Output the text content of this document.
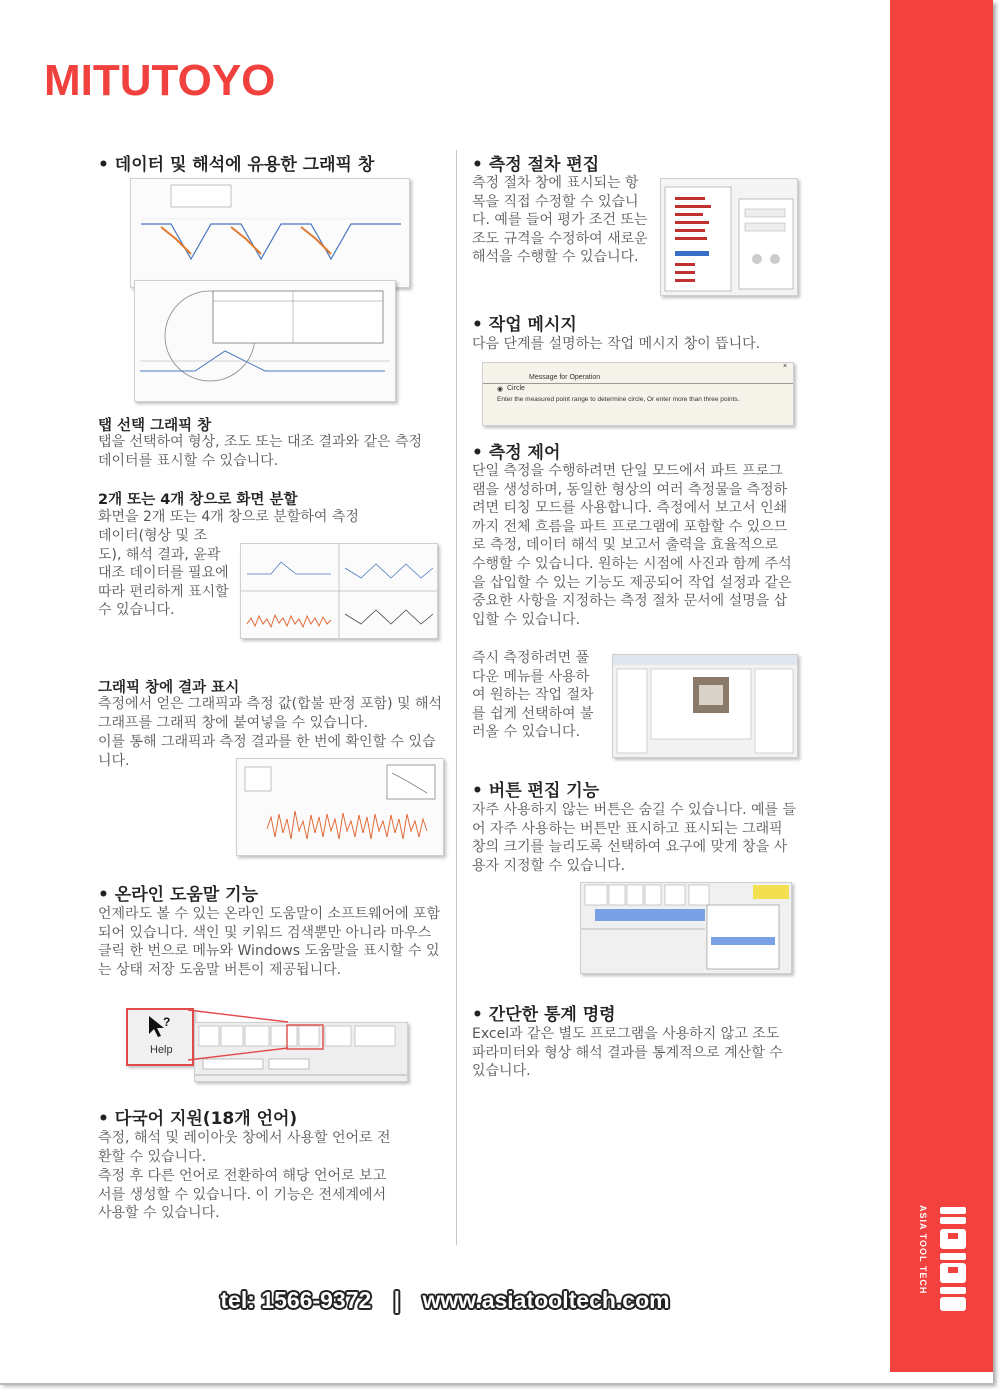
ASIA TOOL TECH
MITUTOYO
• 데이터 및 해석에 유용한 그래픽 창
탭 선택 그래픽 창
탭을 선택하여 형상, 조도 또는 대조 결과와 같은 측정 데이터를 표시할 수 있습니다.
2개 또는 4개 창으로 화면 분할
화면을 2개 또는 4개 창으로 분할하여 측정
데이터(형상 및 조도), 해석 결과, 윤곽 대조 데이터를 필요에 따라 편리하게 표시할 수 있습니다.
그래픽 창에 결과 표시
측정에서 얻은 그래픽과 측정 값(합불 판정 포함) 및 해석 그래프를 그래픽 창에 붙여넣을 수 있습니다.
이를 통해 그래픽과 측정 결과를 한 번에 확인할 수 있습니다.
• 온라인 도움말 기능
언제라도 볼 수 있는 온라인 도움말이 소프트웨어에 포함되어 있습니다. 색인 및 키워드 검색뿐만 아니라 마우스 클릭 한 번으로 메뉴와 Windows 도움말을 표시할 수 있는 상태 저장 도움말 버튼이 제공됩니다.
?
Help
• 다국어 지원(18개 언어)
측정, 해석 및 레이아웃 창에서 사용할 언어로 전환할 수 있습니다.
측정 후 다른 언어로 전환하여 해당 언어로 보고서를 생성할 수 있습니다. 이 기능은 전세계에서 사용할 수 있습니다.
• 측정 절차 편집
측정 절차 창에 표시되는 항목을 직접 수정할 수 있습니다. 예를 들어 평가 조건 또는 조도 규격을 수정하여 새로운 해석을 수행할 수 있습니다.
• 작업 메시지
다음 단계를 설명하는 작업 메시지 창이 뜹니다.
Message for Operation
×
◉ Circle
Enter the measured point range to determine circle, Or enter more than three points.
• 측정 제어
단일 측정을 수행하려면 단일 모드에서 파트 프로그램을 생성하며, 동일한 형상의 여러 측정물을 측정하려면 티칭 모드를 사용합니다. 측정에서 보고서 인쇄까지 전체 흐름을 파트 프로그램에 포함할 수 있으므로 측정, 데이터 해석 및 보고서 출력을 효율적으로 수행할 수 있습니다. 원하는 시점에 사진과 함께 주석을 삽입할 수 있는 기능도 제공되어 작업 설정과 같은 중요한 사항을 지정하는 측정 절차 문서에 설명을 삽입할 수 있습니다.
즉시 측정하려면 풀다운 메뉴를 사용하여 원하는 작업 절차를 쉽게 선택하여 불러올 수 있습니다.
• 버튼 편집 기능
자주 사용하지 않는 버튼은 숨길 수 있습니다. 예를 들어 자주 사용하는 버튼만 표시하고 표시되는 그래픽 창의 크기를 늘리도록 선택하여 요구에 맞게 창을 사용자 지정할 수 있습니다.
• 간단한 통계 명령
Excel과 같은 별도 프로그램을 사용하지 않고 조도 파라미터와 형상 해석 결과를 통계적으로 계산할 수 있습니다.
tel: 1566-9372 | www.asiatooltech.com
